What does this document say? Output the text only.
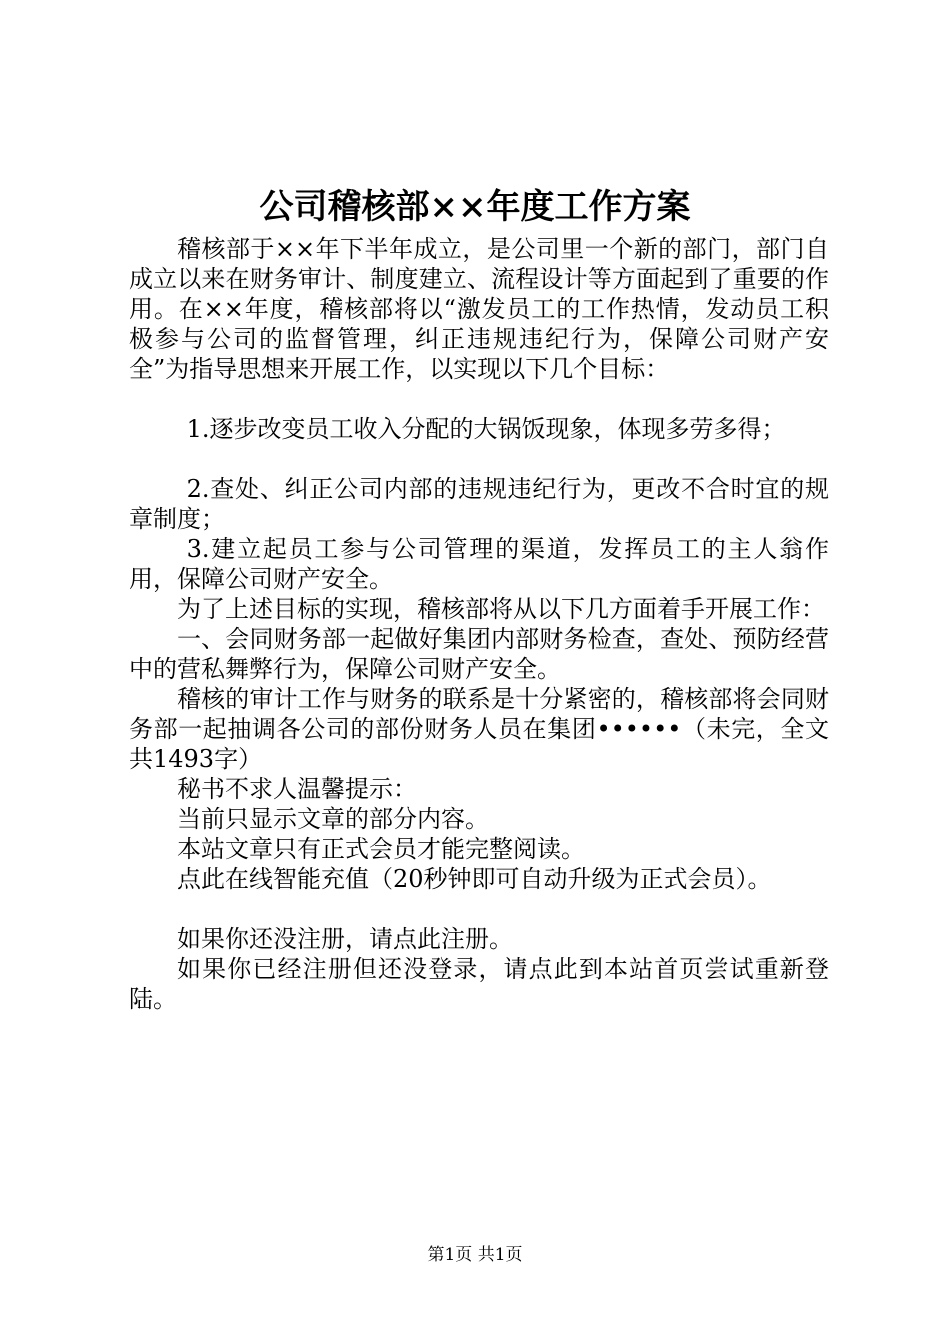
公司稽核部××年度工作方案

稽核部于××年下半年成立，是公司里一个新的部门，部门自成立以来在财务审计、制度建立、流程设计等方面起到了重要的作用。在××年度，稽核部将以“激发员工的工作热情，发动员工积极参与公司的监督管理，纠正违规违纪行为，保障公司财产安全”为指导思想来开展工作，以实现以下几个目标：

1.逐步改变员工收入分配的大锅饭现象，体现多劳多得；

2.查处、纠正公司内部的违规违纪行为，更改不合时宜的规章制度；

3.建立起员工参与公司管理的渠道，发挥员工的主人翁作用，保障公司财产安全。

为了上述目标的实现，稽核部将从以下几方面着手开展工作：

一、会同财务部一起做好集团内部财务检查，查处、预防经营中的营私舞弊行为，保障公司财产安全。

稽核的审计工作与财务的联系是十分紧密的，稽核部将会同财务部一起抽调各公司的部份财务人员在集团••••••（未完，全文共1493字）

秘书不求人温馨提示：

当前只显示文章的部分内容。

本站文章只有正式会员才能完整阅读。

点此在线智能充值（20秒钟即可自动升级为正式会员）。

如果你还没注册，请点此注册。

如果你已经注册但还没登录，请点此到本站首页尝试重新登陆。

第1页 共1页
